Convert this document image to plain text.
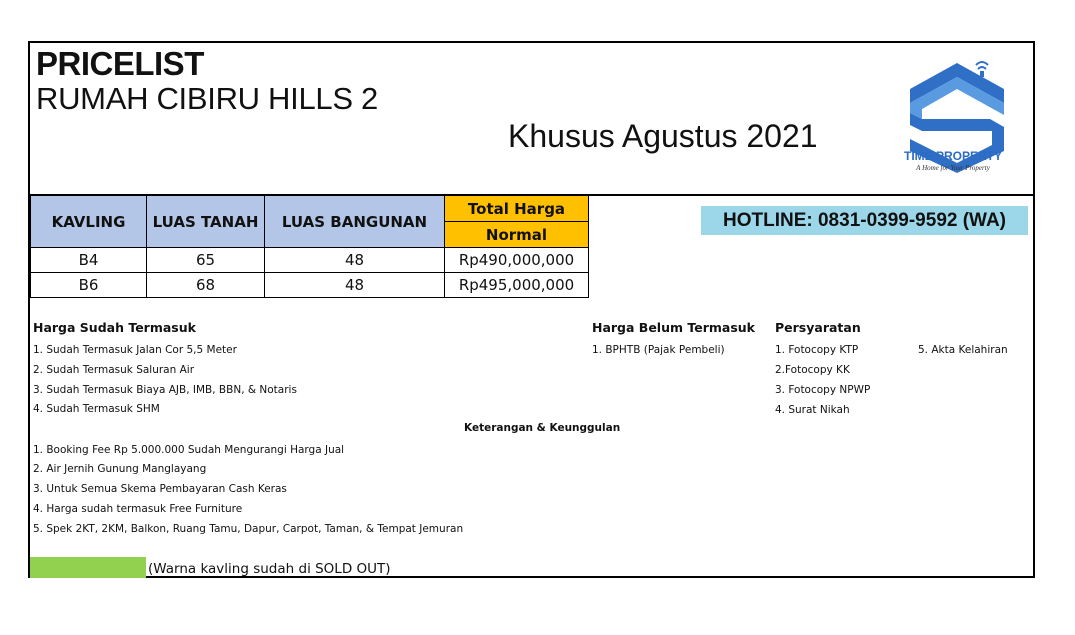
PRICELIST
RUMAH CIBIRU HILLS 2
Khusus Agustus 2021
TIME PROPERTY
A Home for Your Property
KAVLING	LUAS TANAH	LUAS BANGUNAN	Total Harga
			Normal
B4	65	48	Rp490,000,000
B6	68	48	Rp495,000,000
HOTLINE: 0831-0399-9592 (WA)
Harga Sudah Termasuk
1. Sudah Termasuk Jalan Cor 5,5 Meter
2. Sudah Termasuk Saluran Air
3. Sudah Termasuk Biaya AJB, IMB, BBN, & Notaris
4. Sudah Termasuk SHM
Harga Belum Termasuk
1. BPHTB (Pajak Pembeli)
Persyaratan
1. Fotocopy KTP
2.Fotocopy KK
3. Fotocopy NPWP
4. Surat Nikah
5. Akta Kelahiran
Keterangan & Keunggulan
1. Booking Fee Rp 5.000.000 Sudah Mengurangi Harga Jual
2. Air Jernih Gunung Manglayang
3. Untuk Semua Skema Pembayaran Cash Keras
4. Harga sudah termasuk Free Furniture
5. Spek 2KT, 2KM, Balkon, Ruang Tamu, Dapur, Carpot, Taman, & Tempat Jemuran
(Warna kavling sudah di SOLD OUT)
